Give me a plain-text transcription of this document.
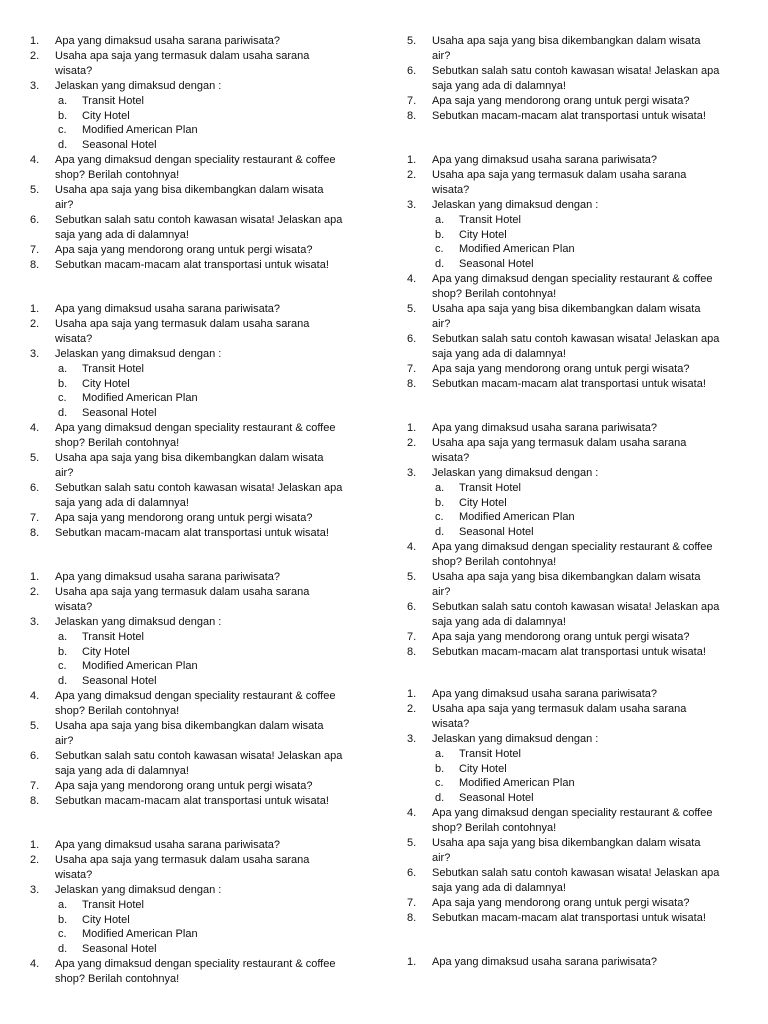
1. Apa yang dimaksud usaha sarana pariwisata?
2. Usaha apa saja yang termasuk dalam usaha sarana
wisata?
3. Jelaskan yang dimaksud dengan :
a. Transit Hotel
b. City Hotel
c. Modified American Plan
d. Seasonal Hotel
4. Apa yang dimaksud dengan speciality restaurant & coffee
shop? Berilah contohnya!
5. Usaha apa saja yang bisa dikembangkan dalam wisata
air?
6. Sebutkan salah satu contoh kawasan wisata! Jelaskan apa
saja yang ada di dalamnya!
7. Apa saja yang mendorong orang untuk pergi wisata?
8. Sebutkan macam-macam alat transportasi untuk wisata!
1. Apa yang dimaksud usaha sarana pariwisata?
2. Usaha apa saja yang termasuk dalam usaha sarana
wisata?
3. Jelaskan yang dimaksud dengan :
a. Transit Hotel
b. City Hotel
c. Modified American Plan
d. Seasonal Hotel
4. Apa yang dimaksud dengan speciality restaurant & coffee
shop? Berilah contohnya!
5. Usaha apa saja yang bisa dikembangkan dalam wisata
air?
6. Sebutkan salah satu contoh kawasan wisata! Jelaskan apa
saja yang ada di dalamnya!
7. Apa saja yang mendorong orang untuk pergi wisata?
8. Sebutkan macam-macam alat transportasi untuk wisata!
1. Apa yang dimaksud usaha sarana pariwisata?
2. Usaha apa saja yang termasuk dalam usaha sarana
wisata?
3. Jelaskan yang dimaksud dengan :
a. Transit Hotel
b. City Hotel
c. Modified American Plan
d. Seasonal Hotel
4. Apa yang dimaksud dengan speciality restaurant & coffee
shop? Berilah contohnya!
5. Usaha apa saja yang bisa dikembangkan dalam wisata
air?
6. Sebutkan salah satu contoh kawasan wisata! Jelaskan apa
saja yang ada di dalamnya!
7. Apa saja yang mendorong orang untuk pergi wisata?
8. Sebutkan macam-macam alat transportasi untuk wisata!
1. Apa yang dimaksud usaha sarana pariwisata?
2. Usaha apa saja yang termasuk dalam usaha sarana
wisata?
3. Jelaskan yang dimaksud dengan :
a. Transit Hotel
b. City Hotel
c. Modified American Plan
d. Seasonal Hotel
4. Apa yang dimaksud dengan speciality restaurant & coffee
shop? Berilah contohnya!
5. Usaha apa saja yang bisa dikembangkan dalam wisata
air?
6. Sebutkan salah satu contoh kawasan wisata! Jelaskan apa
saja yang ada di dalamnya!
7. Apa saja yang mendorong orang untuk pergi wisata?
8. Sebutkan macam-macam alat transportasi untuk wisata!
1. Apa yang dimaksud usaha sarana pariwisata?
2. Usaha apa saja yang termasuk dalam usaha sarana
wisata?
3. Jelaskan yang dimaksud dengan :
a. Transit Hotel
b. City Hotel
c. Modified American Plan
d. Seasonal Hotel
4. Apa yang dimaksud dengan speciality restaurant & coffee
shop? Berilah contohnya!
5. Usaha apa saja yang bisa dikembangkan dalam wisata
air?
6. Sebutkan salah satu contoh kawasan wisata! Jelaskan apa
saja yang ada di dalamnya!
7. Apa saja yang mendorong orang untuk pergi wisata?
8. Sebutkan macam-macam alat transportasi untuk wisata!
1. Apa yang dimaksud usaha sarana pariwisata?
2. Usaha apa saja yang termasuk dalam usaha sarana
wisata?
3. Jelaskan yang dimaksud dengan :
a. Transit Hotel
b. City Hotel
c. Modified American Plan
d. Seasonal Hotel
4. Apa yang dimaksud dengan speciality restaurant & coffee
shop? Berilah contohnya!
5. Usaha apa saja yang bisa dikembangkan dalam wisata
air?
6. Sebutkan salah satu contoh kawasan wisata! Jelaskan apa
saja yang ada di dalamnya!
7. Apa saja yang mendorong orang untuk pergi wisata?
8. Sebutkan macam-macam alat transportasi untuk wisata!
1. Apa yang dimaksud usaha sarana pariwisata?
2. Usaha apa saja yang termasuk dalam usaha sarana
wisata?
3. Jelaskan yang dimaksud dengan :
a. Transit Hotel
b. City Hotel
c. Modified American Plan
d. Seasonal Hotel
4. Apa yang dimaksud dengan speciality restaurant & coffee
shop? Berilah contohnya!
5. Usaha apa saja yang bisa dikembangkan dalam wisata
air?
6. Sebutkan salah satu contoh kawasan wisata! Jelaskan apa
saja yang ada di dalamnya!
7. Apa saja yang mendorong orang untuk pergi wisata?
8. Sebutkan macam-macam alat transportasi untuk wisata!
1. Apa yang dimaksud usaha sarana pariwisata?
